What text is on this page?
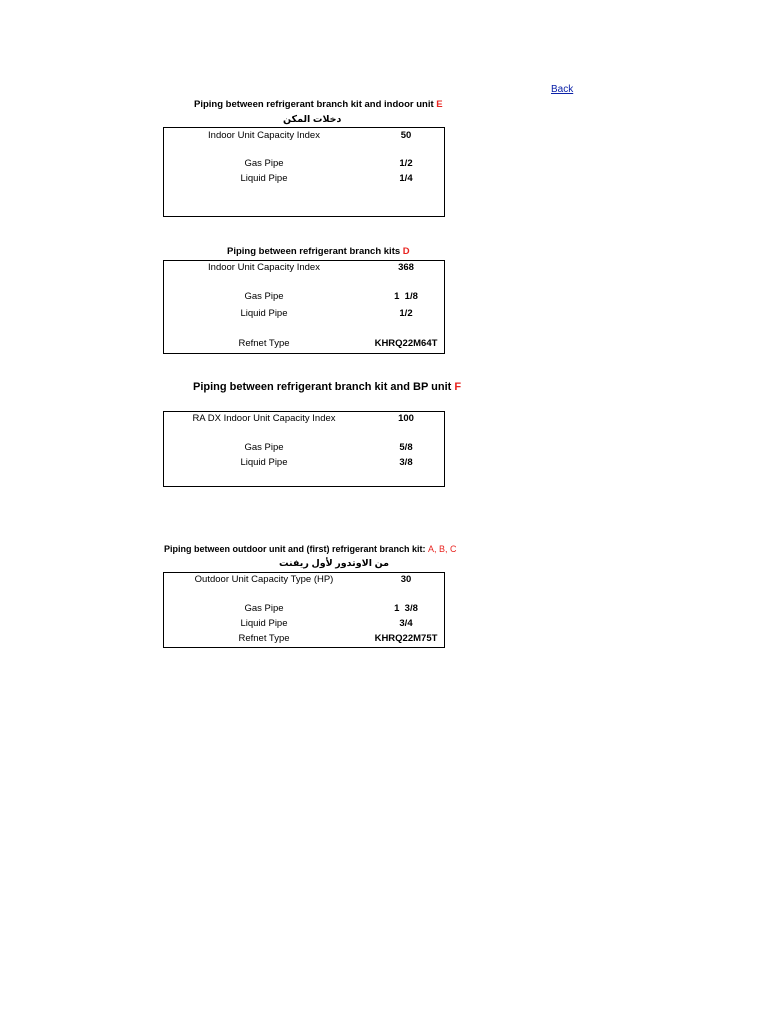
Back
Piping between refrigerant branch kit and indoor unit E
دخلات المكن
Indoor Unit Capacity Index	50
Gas Pipe	1/2
Liquid Pipe	1/4
Piping between refrigerant branch kits D
Indoor Unit Capacity Index	368
Gas Pipe	1  1/8
Liquid Pipe	1/2
Refnet Type	KHRQ22M64T
Piping between refrigerant branch kit and BP unit F
RA DX Indoor Unit Capacity Index	100
Gas Pipe	5/8
Liquid Pipe	3/8
Piping between outdoor unit and (first) refrigerant branch kit: A, B, C
من الاوتدور لأول ريفنت
Outdoor Unit Capacity Type (HP)	30
Gas Pipe	1  3/8
Liquid Pipe	3/4
Refnet Type	KHRQ22M75T
